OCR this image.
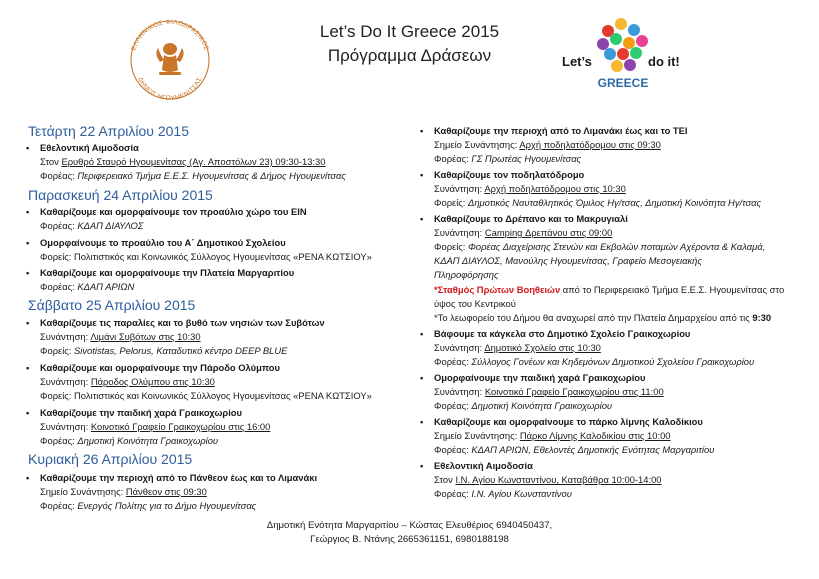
ΕΛΛΗΝΙΚΟΣ ΦΙΛΟΔΡΑΣΙΚΟΣ
ΔΗΜΟΣ ΗΓΟΥΜΕΝΙΤΣΑΣ
Let’s Do It Greece 2015
Πρόγραμμα Δράσεων	Let’s	do it!
GREECE
Τετάρτη 22 Απριλίου 2015
• Εθελοντική Αιμοδοσία
Στον Ερυθρό Σταυρό Ηγουμενίτσας (Αγ. Αποστόλων 23) 09:30-13:30
Φορέας: Περιφερειακό Τμήμα Ε.Ε.Σ. Ηγουμενίτσας & Δήμος Ηγουμενίτσας
Παρασκευή 24 Απριλίου 2015
• Καθαρίζουμε και ομορφαίνουμε τον προαύλιο χώρο του ΕΙΝ
Φορέας: ΚΔΑΠ ΔΙΑΥΛΟΣ
• Ομορφαίνουμε το προαύλιο του Α´ Δημοτικού Σχολείου
Φορείς: Πολιτιστικός και Κοινωνικός Σύλλογος Ηγουμενίτσας «ΡΕΝΑ ΚΩΤΣΙΟΥ»
• Καθαρίζουμε και ομορφαίνουμε την Πλατεία Μαργαριτίου
Φορέας: ΚΔΑΠ ΑΡΙΩΝ
Σάββατο 25 Απριλίου 2015
• Καθαρίζουμε τις παραλίες και το βυθό των νησιών των Συβότων
Συνάντηση: Λιμάνι Συβότων στις 10:30
Φορείς: Sivotistas, Pelorus, Καταδυτικό κέντρο DEEP BLUE
• Καθαρίζουμε και ομορφαίνουμε την Πάροδο Ολύμπου
Συνάντηση: Πάροδος Ολύμπου στις 10:30
Φορείς: Πολιτιστικός και Κοινωνικός Σύλλογος Ηγουμενίτσας «ΡΕΝΑ ΚΩΤΣΙΟΥ»
• Καθαρίζουμε την παιδική χαρά Γραικοχωρίου
Συνάντηση: Κοινοτικό Γραφείο Γραικοχωρίου στις 16:00
Φορέας: Δημοτική Κοινότητα Γραικοχωρίου
Κυριακή 26 Απριλίου 2015
• Καθαρίζουμε την περιοχή από το Πάνθεον έως και το Λιμανάκι
Σημείο Συνάντησης: Πάνθεον στις 09:30
Φορέας: Ενεργός Πολίτης για το Δήμο Ηγουμενίτσας
• Καθαρίζουμε την περιοχή από το Λιμανάκι έως και το ΤΕΙ
Σημείο Συνάντησης: Αρχή ποδηλατόδρομου στις 09:30
Φορέας: ΓΣ Πρωτέας Ηγουμενίτσας
• Καθαρίζουμε τον ποδηλατόδρομο
Συνάντηση: Αρχή ποδηλατόδρομου στις 10:30
Φορείς: Δημοτικός Ναυταθλητικός Όμιλος Ηγ/τσας, Δημοτική Κοινότητα Ηγ/τσας
• Καθαρίζουμε το Δρέπανο και το Μακρυγιαλί
Συνάντηση: Camping Δρεπάνου στις 09:00
Φορείς: Φορέας Διαχείρισης Στενών και Εκβολών ποταμών Αχέροντα & Καλαμά,
ΚΔΑΠ ΔΙΑΥΛΟΣ, Μανούλης Ηγουμενίτσας, Γραφείο Μεσογειακής
Πληροφόρησης
*Σταθμός Πρώτων Βοηθειών από το Περιφερειακό Τμήμα Ε.Ε.Σ. Ηγουμενίτσας στο
ύψος του Κεντρικού
*Το λεωφορείο του Δήμου θα αναχωρεί από την Πλατεία Δημαρχείου από τις 9:30
• Βάφουμε τα κάγκελα στο Δημοτικό Σχολείο Γραικοχωρίου
Συνάντηση: Δημοτικό Σχολείο στις 10:30
Φορέας: Σύλλογος Γονέων και Κηδεμόνων Δημοτικού Σχολείου Γραικοχωρίου
• Ομορφαίνουμε την παιδική χαρά Γραικοχωρίου
Συνάντηση: Κοινοτικό Γραφείο Γραικοχωρίου στις 11:00
Φορέας: Δημοτική Κοινότητα Γραικοχωρίου
• Καθαρίζουμε και ομορφαίνουμε το πάρκο λίμνης Καλοδίκιου
Σημείο Συνάντησης: Πάρκο Λίμνης Καλοδικίου στις 10:00
Φορέας: ΚΔΑΠ ΑΡΙΩΝ, Εθελοντές Δημοτικής Ενότητας Μαργαριτίου
• Εθελοντική Αιμοδοσία
Στον Ι.Ν. Αγίου Κωνσταντίνου, Καταβάθρα 10:00-14:00
Φορέας: Ι.Ν. Αγίου Κωνσταντίνου
Δημοτική Ενότητα Μαργαριτίου – Κώστας Ελευθέριος 6940450437,
Γεώργιος Β. Ντάνης 2665361151, 6980188198
